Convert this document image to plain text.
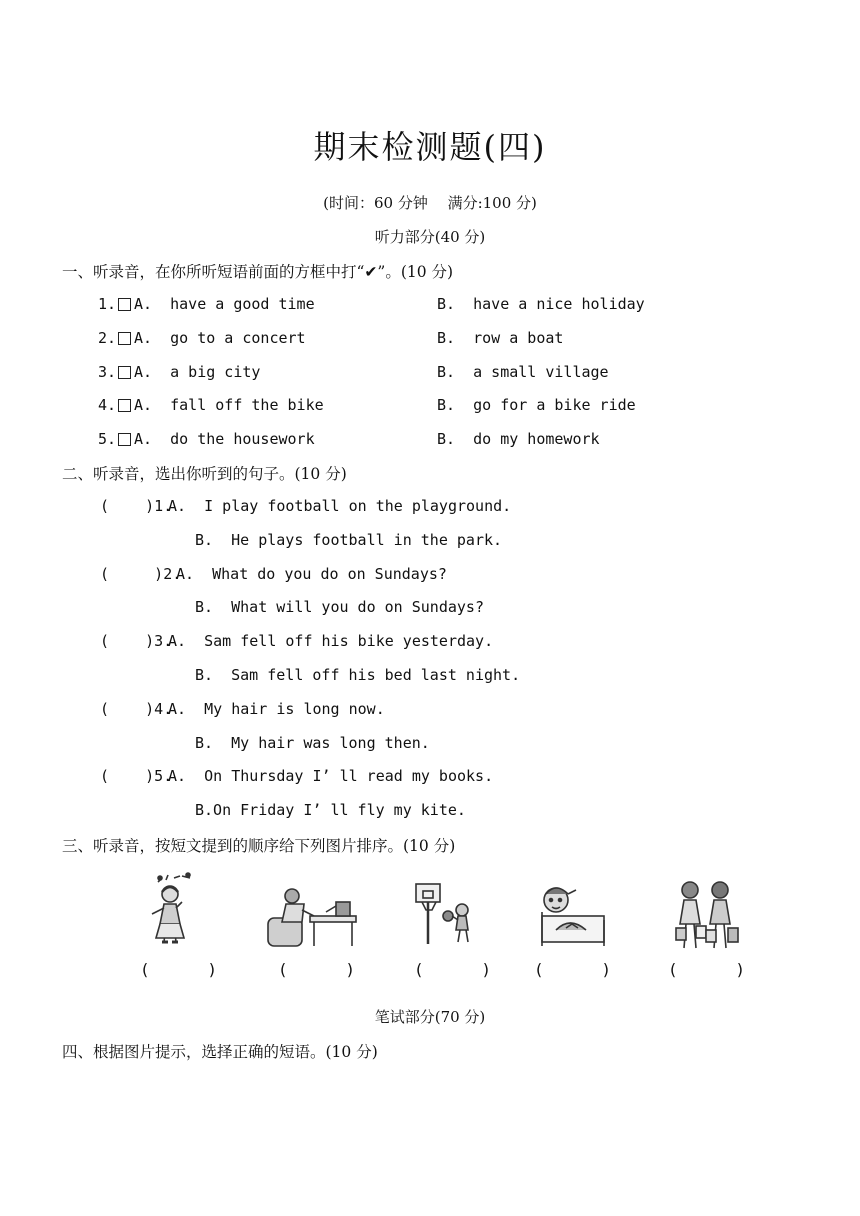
期末检测题(四)
(时间：60 分钟　 满分:100 分)
听力部分(40 分)
一、听录音，在你所听短语前面的方框中打“✔”。(10 分)
1. A.  have a good time	B.  have a nice holiday
2. A.  go to a concert	B.  row a boat
3. A.  a big city	B.  a small village
4. A.  fall off the bike	B.  go for a bike ride
5. A.  do the housework	B.  do my homework
二、听录音，选出你听到的句子。(10 分)
(    )1.
A.  I play football on the playground.
B.  He plays football in the park.
(     )2.
A.  What do you do on Sundays?
B.  What will you do on Sundays?
(    )3.
A.  Sam fell off his bike yesterday.
B.  Sam fell off his bed last night.
(    )4.
A.  My hair is long now.
B.  My hair was long then.
(    )5.
A.  On Thursday I’ ll read my books.
B.On Friday I’ ll fly my kite.
三、听录音，按短文提到的顺序给下列图片排序。(10 分)
(      )	(      )	(      )	(      )	(      )
笔试部分(70 分)
四、根据图片提示，选择正确的短语。(10 分)
